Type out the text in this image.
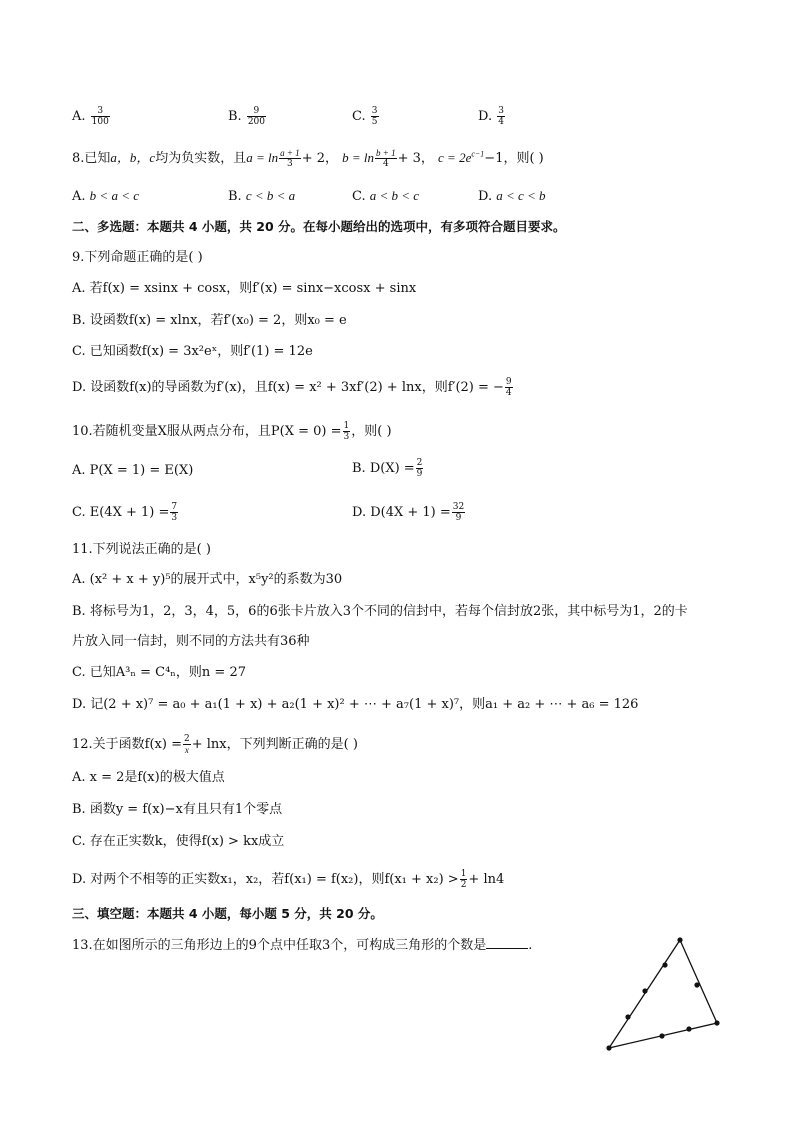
A. $\frac{3}{100}$	B. $\frac{9}{200}$	C. $\frac{3}{5}$	D. $\frac{3}{4}$
8.已知a，b，c均为负实数，且$a = \ln \frac{a + 1}{3} + 2$， $b = \ln \frac{b + 1}{4} + 3$， $c = 2e^{c-1}-1$，则( )
A. b < a < c	B. c < b < a	C. a < b < c	D. a < c < b
二、多选题：本题共 4 小题，共 20 分。在每小题给出的选项中，有多项符合题目要求。
9.下列命题正确的是( )
A. 若f(x) = xsinx + cosx，则f′(x) = sinx−xcosx + sinx
B. 设函数f(x) = xlnx，若f′(x₀) = 2，则x₀ = e
C. 已知函数f(x) = 3x²eˣ，则f′(1) = 12e
D. 设函数f(x)的导函数为f′(x)，且f(x) = x² + 3xf′(2) + lnx，则f′(2) = − $\frac{9}{4}$
10.若随机变量X服从两点分布，且$P(X = 0) = \frac{1}{3}$ ，则( )
A. P(X = 1) = E(X)	B. $D(X) = \frac{2}{9}$
C. $E(4X + 1) = \frac{7}{3}$	D. $D(4X + 1) = \frac{32}{9}$
11.下列说法正确的是( )
A. (x² + x + y)⁵的展开式中，x⁵y²的系数为30
B. 将标号为1，2，3，4，5，6的6张卡片放入3个不同的信封中，若每个信封放2张，其中标号为1，2的卡
片放入同一信封，则不同的方法共有36种
C. 已知A³ₙ = C⁴ₙ，则n = 27
D. 记(2 + x)⁷ = a₀ + a₁(1 + x) + a₂(1 + x)² + ⋯ + a₇(1 + x)⁷，则a₁ + a₂ + ⋯ + a₆ = 126
12.关于函数$f(x) = \frac{2}{x} + \ln x$，下列判断正确的是( )
A. x = 2是f(x)的极大值点
B. 函数y = f(x)−x有且只有1个零点
C. 存在正实数k，使得f(x) > kx成立
D. 对两个不相等的正实数x₁，x₂，若f(x₁) = f(x₂)，则$f(x_1 + x_2) > \frac{1}{2} + \ln 4$
三、填空题：本题共 4 小题，每小题 5 分，共 20 分。
13.在如图所示的三角形边上的9个点中任取3个，可构成三角形的个数是	.
